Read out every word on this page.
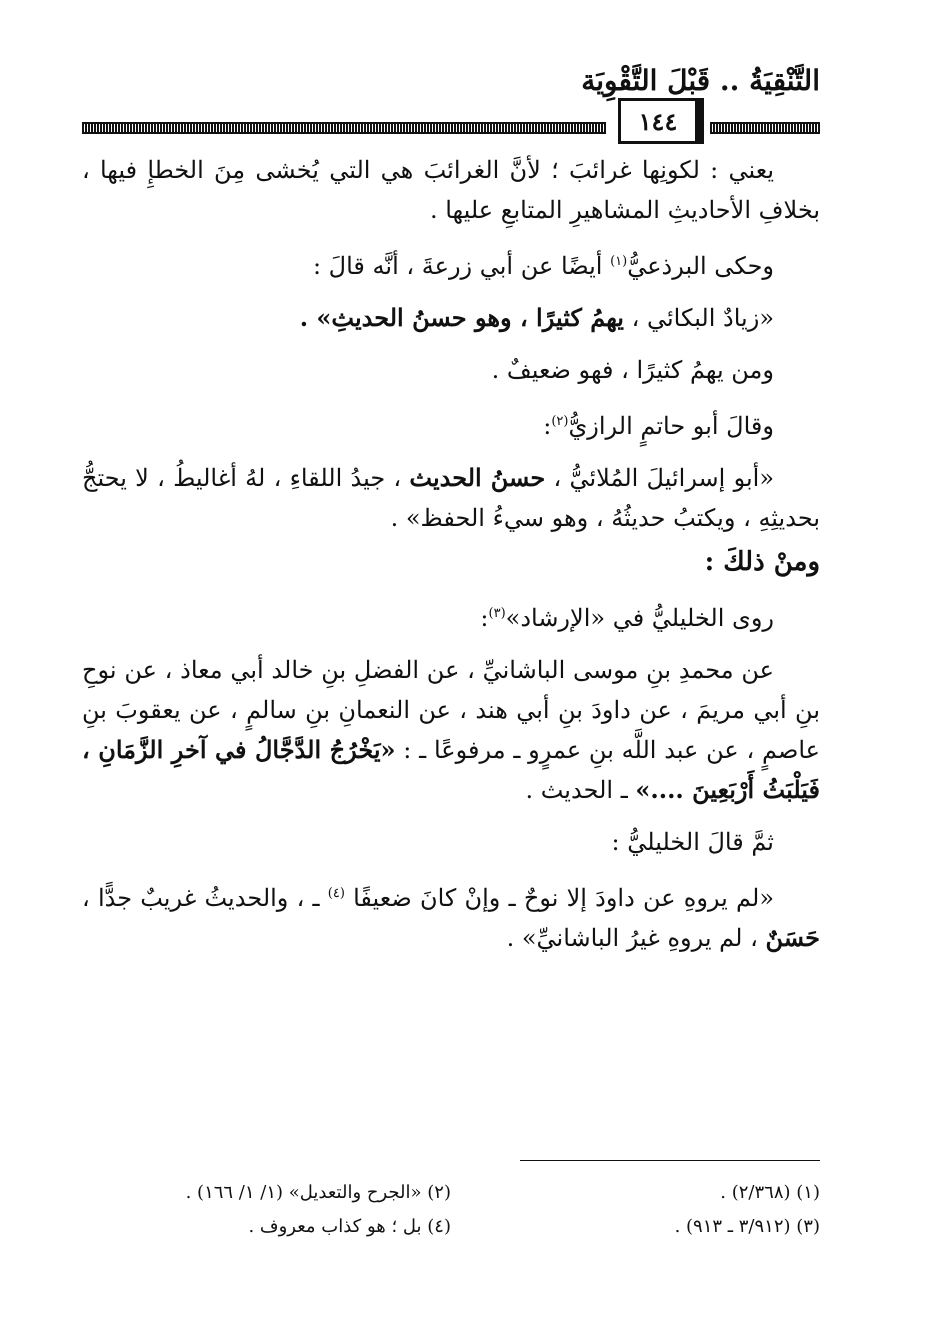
التَّنْقِيَةُ .. قَبْلَ التَّقْوِيَة
١٤٤

يعني : لكونِها غرائبَ ؛ لأنَّ الغرائبَ هي التي يُخشى مِنَ الخطإِ فيها ، بخلافِ الأحاديثِ المشاهيرِ المتابعِ عليها .

وحكى البرذعيُّ$^{(١)}$ أيضًا عن أبي زرعةَ ، أنَّه قالَ :

«زيادٌ البكائي ، يهمُ كثيرًا ، وهو حسنُ الحديثِ» .

ومن يهمُ كثيرًا ، فهو ضعيفٌ .

وقالَ أبو حاتمٍ الرازيُّ$^{(٢)}$:

«أبو إسرائيلَ المُلائيُّ ، حسنُ الحديث ، جيدُ اللقاءِ ، لهُ أغاليطُ ، لا يحتجُّ بحديثِهِ ، ويكتبُ حديثُهُ ، وهو سيءُ الحفظ» .

ومنْ ذلكَ :

روى الخليليُّ في «الإرشاد»$^{(٣)}$:

عن محمدِ بنِ موسى الباشانيِّ ، عن الفضلِ بنِ خالد أبي معاذ ، عن نوحِ بنِ أبي مريمَ ، عن داودَ بنِ أبي هند ، عن النعمانِ بنِ سالمٍ ، عن يعقوبَ بنِ عاصمٍ ، عن عبد اللَّه بنِ عمرٍو ـ مرفوعًا ـ : «يَخْرُجُ الدَّجَّالُ في آخرِ الزَّمَانِ ، فَيَلْبَثُ أَرْبَعِينَ ....» ـ الحديث .

ثمَّ قالَ الخليليُّ :

«لم يروهِ عن داودَ إلا نوحٌ ـ وإنْ كانَ ضعيفًا $^{(٤)}$ ـ ، والحديثُ غريبٌ جدًّا ، حَسَنٌ ، لم يروهِ غيرُ الباشانيِّ» .

(١) (٢/٣٦٨) .
(٢) «الجرح والتعديل» (١/ ١/ ١٦٦) .
(٣) (٣/٩١٢ ـ ٩١٣) .
(٤) بل ؛ هو كذاب معروف .
